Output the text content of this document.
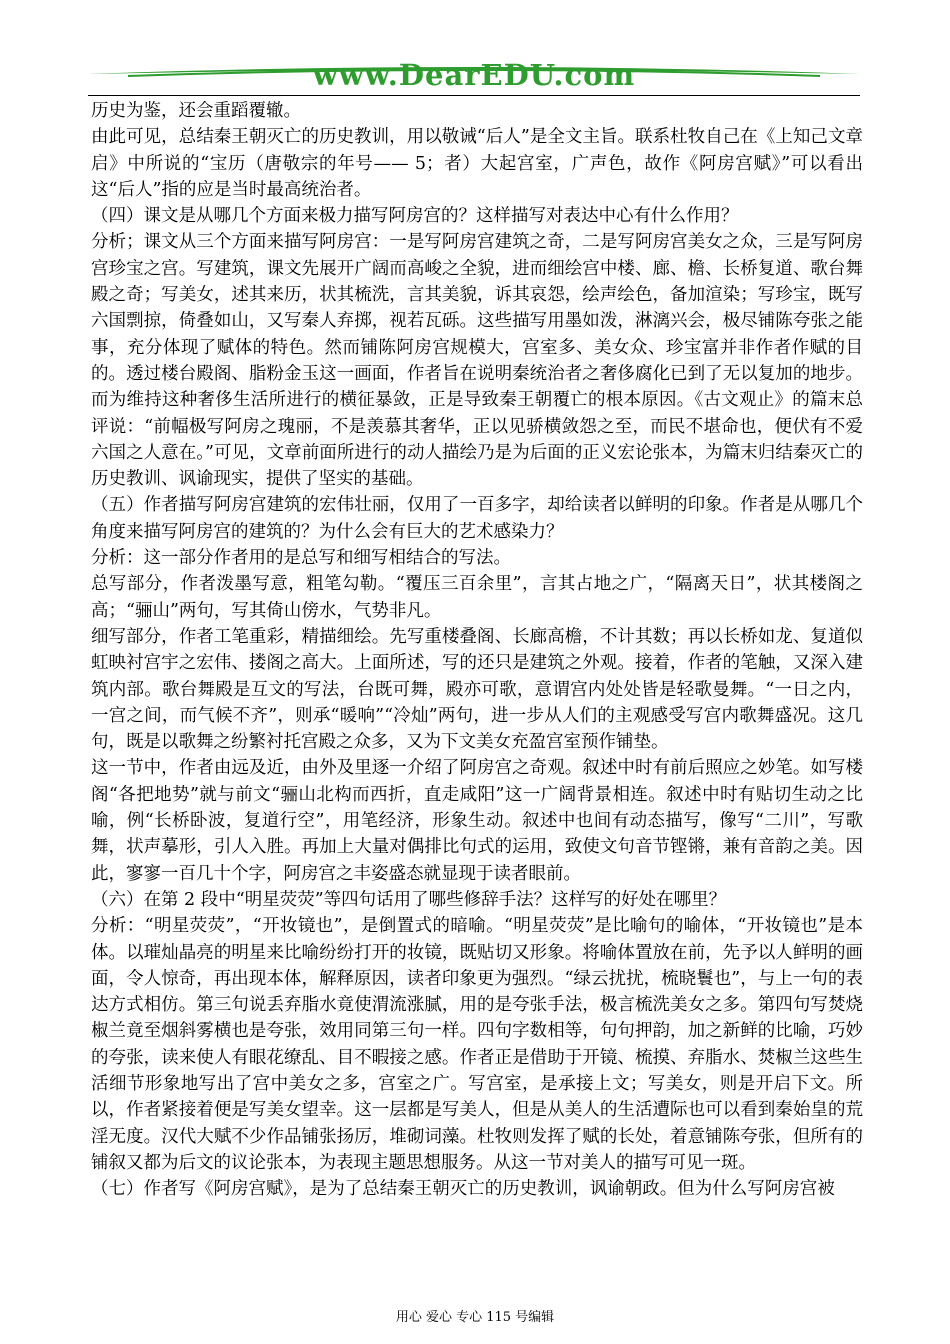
www.DearEDU.com

历史为鉴，还会重蹈覆辙。

由此可见，总结秦王朝灭亡的历史教训，用以敬诫“后人”是全文主旨。联系杜牧自己在《上知己文章启》中所说的“宝历（唐敬宗的年号—— 5；者）大起宫室，广声色，故作《阿房宫赋》”可以看出这“后人”指的应是当时最高统治者。

（四）课文是从哪几个方面来极力描写阿房宫的？这样描写对表达中心有什么作用？

分析；课文从三个方面来描写阿房宫：一是写阿房宫建筑之奇，二是写阿房宫美女之众，三是写阿房宫珍宝之宫。写建筑，课文先展开广阔而高峻之全貌，进而细绘宫中楼、廊、檐、长桥复道、歌台舞殿之奇；写美女，述其来历，状其梳洗，言其美貌，诉其哀怨，绘声绘色，备加渲染；写珍宝，既写六国剽掠，倚叠如山，又写秦人弃掷，视若瓦砾。这些描写用墨如泼，淋漓兴会，极尽铺陈夸张之能事，充分体现了赋体的特色。然而铺陈阿房宫规模大，宫室多、美女众、珍宝富并非作者作赋的目的。透过楼台殿阁、脂粉金玉这一画面，作者旨在说明秦统治者之奢侈腐化已到了无以复加的地步。而为维持这种奢侈生活所进行的横征暴敛，正是导致秦王朝覆亡的根本原因。《古文观止》的篇末总评说：“前幅极写阿房之瑰丽，不是羡慕其奢华，正以见骄横敛怨之至，而民不堪命也，便伏有不爱六国之人意在。”可见，文章前面所进行的动人描绘乃是为后面的正义宏论张本，为篇末归结秦灭亡的历史教训、讽谕现实，提供了坚实的基础。

（五）作者描写阿房宫建筑的宏伟壮丽，仅用了一百多字，却给读者以鲜明的印象。作者是从哪几个角度来描写阿房宫的建筑的？为什么会有巨大的艺术感染力？

分析：这一部分作者用的是总写和细写相结合的写法。

总写部分，作者泼墨写意，粗笔勾勒。“覆压三百余里”，言其占地之广，“隔离天日”，状其楼阁之高；“骊山”两句，写其倚山傍水，气势非凡。

细写部分，作者工笔重彩，精描细绘。先写重楼叠阁、长廊高檐，不计其数；再以长桥如龙、复道似虹映衬宫宇之宏伟、搂阁之高大。上面所述，写的还只是建筑之外观。接着，作者的笔触，又深入建筑内部。歌台舞殿是互文的写法，台既可舞，殿亦可歌，意谓宫内处处皆是轻歌曼舞。“一日之内，一宫之间，而气候不齐”，则承“暖响”“冷灿”两句，进一步从人们的主观感受写宫内歌舞盛况。这几句，既是以歌舞之纷繁衬托宫殿之众多，又为下文美女充盈宫室预作铺垫。

这一节中，作者由远及近，由外及里逐一介绍了阿房宫之奇观。叙述中时有前后照应之妙笔。如写楼阁“各把地势”就与前文“骊山北构而西折，直走咸阳”这一广阔背景相连。叙述中时有贴切生动之比喻，例“长桥卧波，复道行空”，用笔经济，形象生动。叙述中也间有动态描写，像写“二川”，写歌舞，状声摹形，引人入胜。再加上大量对偶排比句式的运用，致使文句音节铿锵，兼有音韵之美。因此，寥寥一百几十个字，阿房宫之丰姿盛态就显现于读者眼前。

（六）在第 2 段中“明星荧荧”等四句话用了哪些修辞手法？这样写的好处在哪里？

分析：“明星荧荧”，“开妆镜也”，是倒置式的暗喻。“明星荧荧”是比喻句的喻体，“开妆镜也”是本体。以璀灿晶亮的明星来比喻纷纷打开的妆镜，既贴切又形象。将喻体置放在前，先予以人鲜明的画面，令人惊奇，再出现本体，解释原因，读者印象更为强烈。“绿云扰扰，梳晓鬟也”，与上一句的表达方式相仿。第三句说丢弃脂水竟使渭流涨腻，用的是夸张手法，极言梳洗美女之多。第四句写焚烧椒兰竟至烟斜雾横也是夸张，效用同第三句一样。四句字数相等，句句押韵，加之新鲜的比喻，巧妙的夸张，读来使人有眼花缭乱、目不暇接之感。作者正是借助于开镜、梳摸、弃脂水、焚椒兰这些生活细节形象地写出了宫中美女之多，宫室之广。写宫室，是承接上文；写美女，则是开启下文。所以，作者紧接着便是写美女望幸。这一层都是写美人，但是从美人的生活遭际也可以看到秦始皇的荒淫无度。汉代大赋不少作品铺张扬厉，堆砌词藻。杜牧则发挥了赋的长处，着意铺陈夸张，但所有的铺叙又都为后文的议论张本，为表现主题思想服务。从这一节对美人的描写可见一斑。

（七）作者写《阿房宫赋》，是为了总结秦王朝灭亡的历史教训，讽谕朝政。但为什么写阿房宫被

用心 爱心 专心 115 号编辑
